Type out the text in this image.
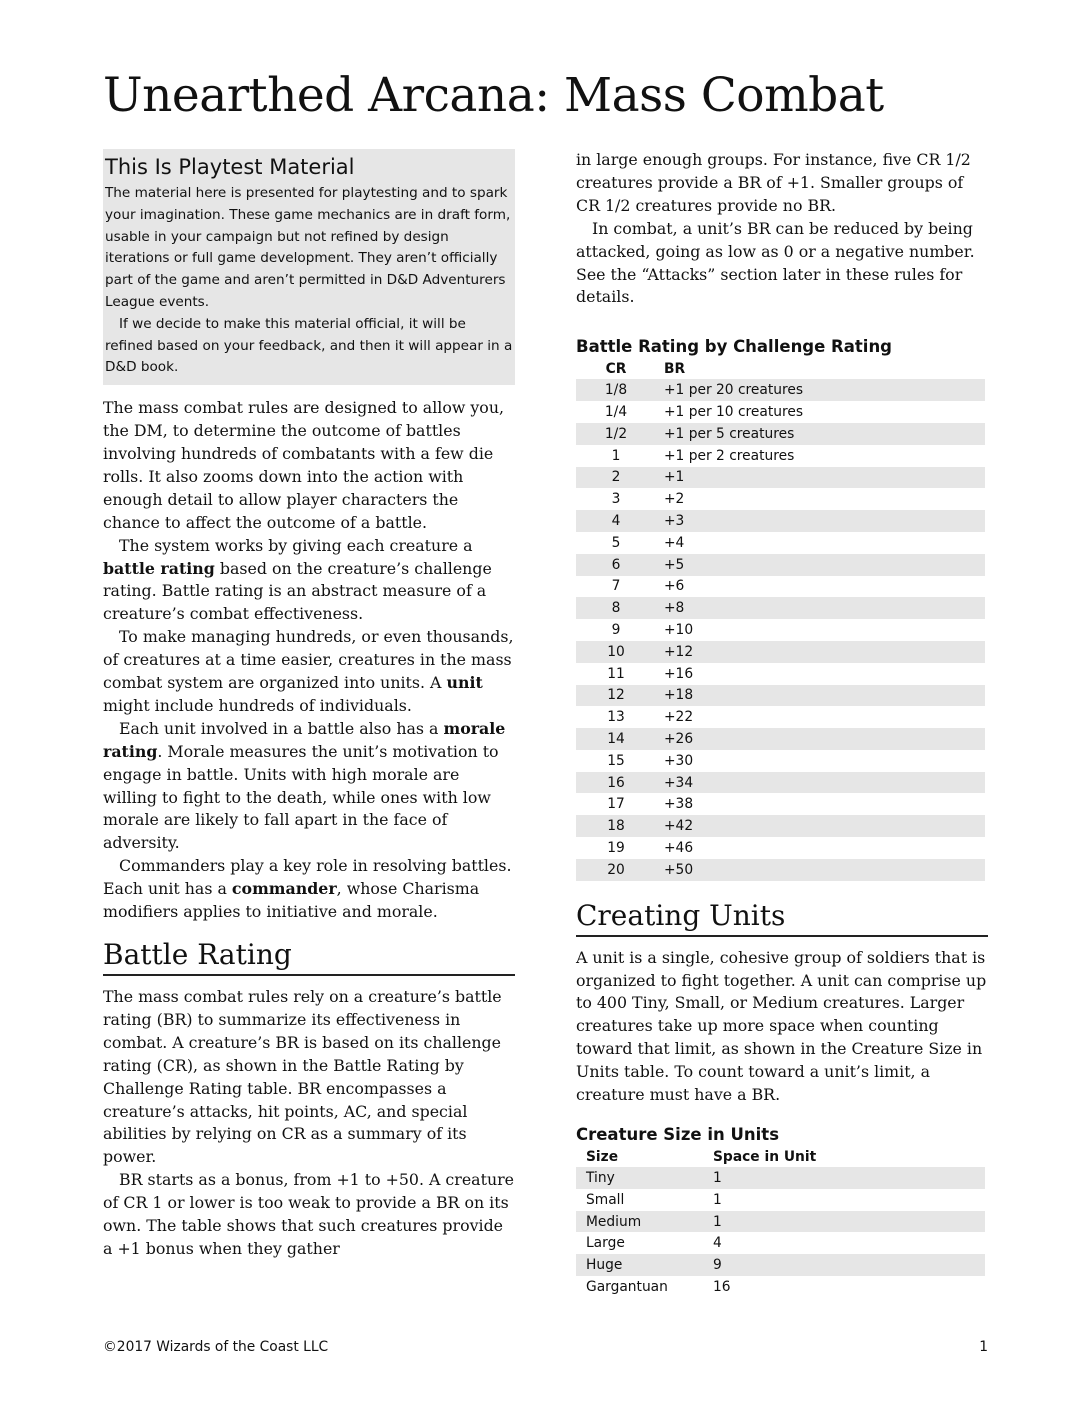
Unearthed Arcana: Mass Combat
This Is Playtest Material

The material here is presented for playtesting and to spark your imagination. These game mechanics are in draft form, usable in your campaign but not refined by design iterations or full game development. They aren’t officially part of the game and aren’t permitted in D&D Adventurers League events.

If we decide to make this material official, it will be refined based on your feedback, and then it will appear in a D&D book.

The mass combat rules are designed to allow you, the DM, to determine the outcome of battles involving hundreds of combatants with a few die rolls. It also zooms down into the action with enough detail to allow player characters the chance to affect the outcome of a battle.

The system works by giving each creature a battle rating based on the creature’s challenge rating. Battle rating is an abstract measure of a creature’s combat effectiveness.

To make managing hundreds, or even thousands, of creatures at a time easier, creatures in the mass combat system are organized into units. A unit might include hundreds of individuals.

Each unit involved in a battle also has a morale rating. Morale measures the unit’s motivation to engage in battle. Units with high morale are willing to fight to the death, while ones with low morale are likely to fall apart in the face of adversity.

Commanders play a key role in resolving battles. Each unit has a commander, whose Charisma modifiers applies to initiative and morale.

Battle Rating

The mass combat rules rely on a creature’s battle rating (BR) to summarize its effectiveness in combat. A creature’s BR is based on its challenge rating (CR), as shown in the Battle Rating by Challenge Rating table. BR encompasses a creature’s attacks, hit points, AC, and special abilities by relying on CR as a summary of its power.

BR starts as a bonus, from +1 to +50. A creature of CR 1 or lower is too weak to provide a BR on its own. The table shows that such creatures provide a +1 bonus when they gather

in large enough groups. For instance, five CR 1/2 creatures provide a BR of +1. Smaller groups of CR 1/2 creatures provide no BR.

In combat, a unit’s BR can be reduced by being attacked, going as low as 0 or a negative number. See the “Attacks” section later in these rules for details.

Battle Rating by Challenge Rating
CR	BR
1/8	+1 per 20 creatures
1/4	+1 per 10 creatures
1/2	+1 per 5 creatures
1	+1 per 2 creatures
2	+1
3	+2
4	+3
5	+4
6	+5
7	+6
8	+8
9	+10
10	+12
11	+16
12	+18
13	+22
14	+26
15	+30
16	+34
17	+38
18	+42
19	+46
20	+50
Creating Units

A unit is a single, cohesive group of soldiers that is organized to fight together. A unit can comprise up to 400 Tiny, Small, or Medium creatures. Larger creatures take up more space when counting toward that limit, as shown in the Creature Size in Units table. To count toward a unit’s limit, a creature must have a BR.

Creature Size in Units
Size	Space in Unit
Tiny	1
Small	1
Medium	1
Large	4
Huge	9
Gargantuan	16
©2017 Wizards of the Coast LLC	1
